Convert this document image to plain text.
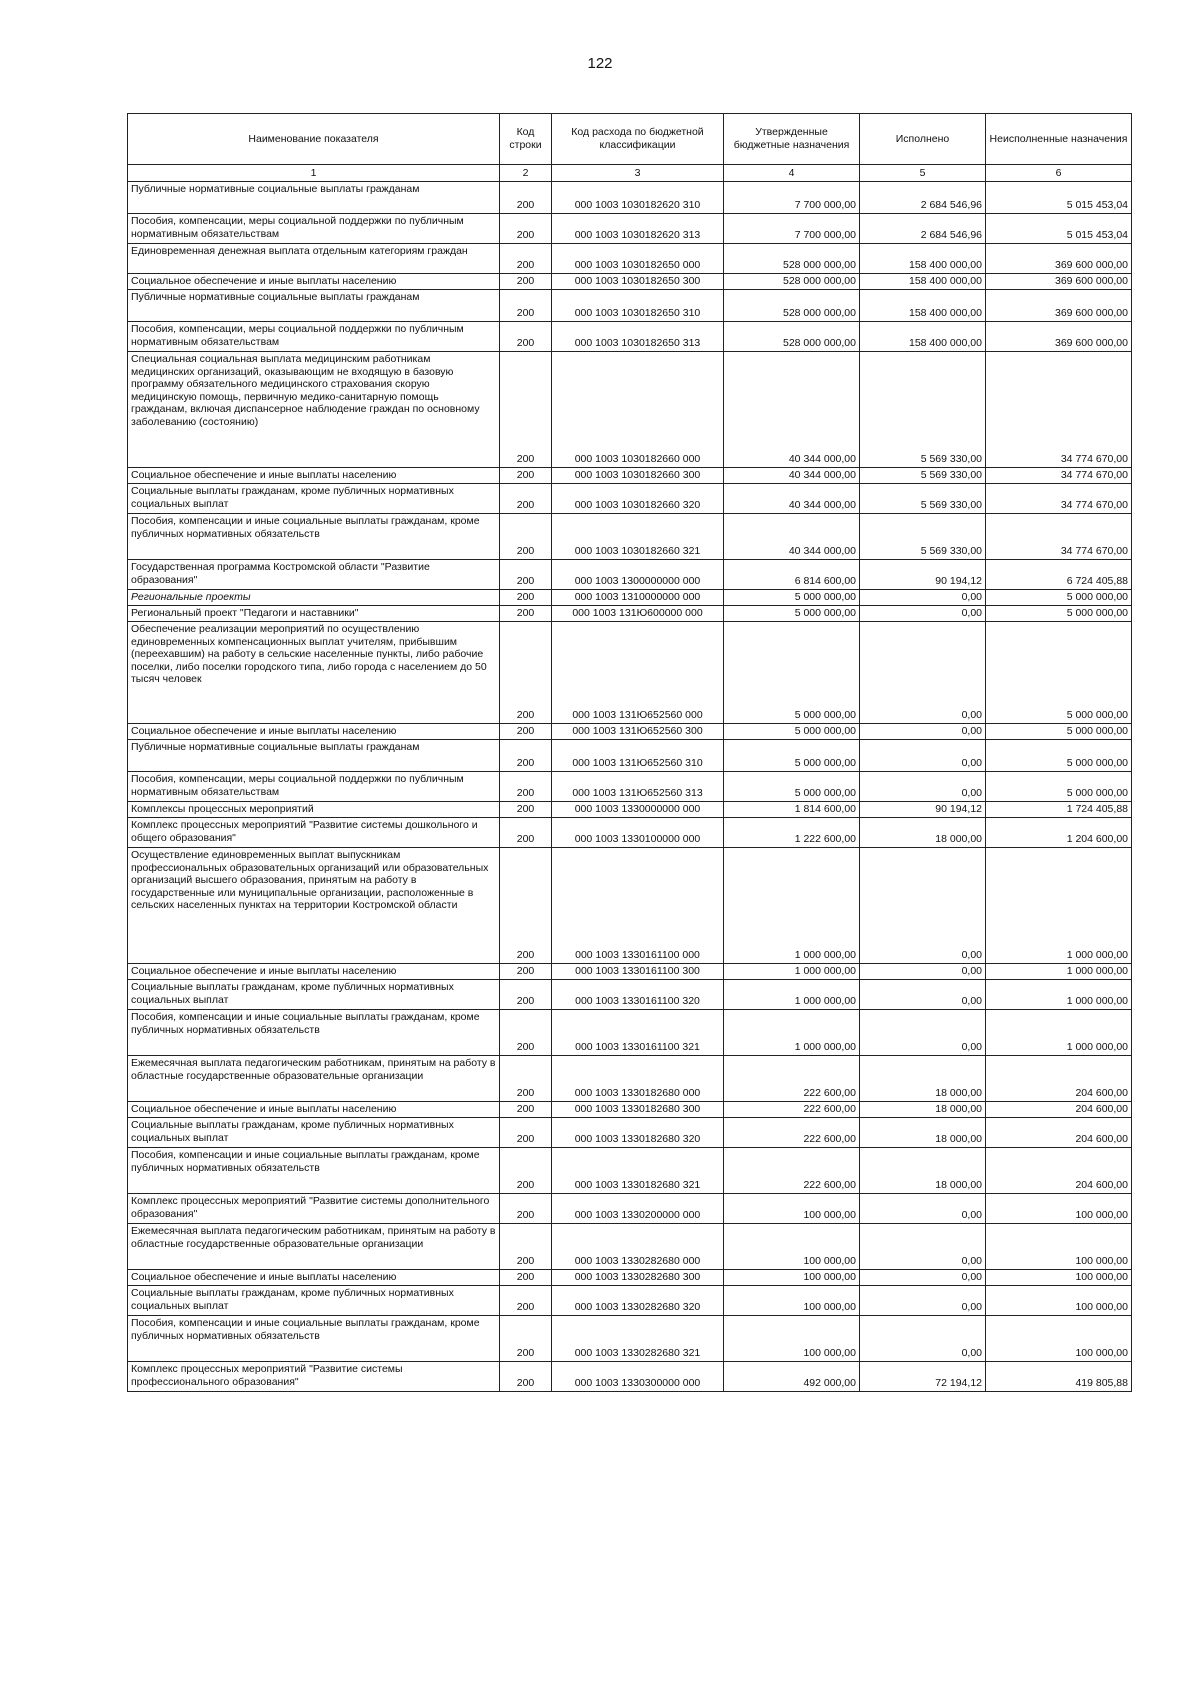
122
Наименование показателя	Код строки	Код расхода по бюджетной классификации	Утвержденные бюджетные назначения	Исполнено	Неисполненные назначения
1	2	3	4	5	6
Публичные нормативные социальные выплаты гражданам	200	000 1003 1030182620 310	7 700 000,00	2 684 546,96	5 015 453,04
Пособия, компенсации, меры социальной поддержки по публичным нормативным обязательствам	200	000 1003 1030182620 313	7 700 000,00	2 684 546,96	5 015 453,04
Единовременная денежная выплата отдельным категориям граждан	200	000 1003 1030182650 000	528 000 000,00	158 400 000,00	369 600 000,00
Социальное обеспечение и иные выплаты населению	200	000 1003 1030182650 300	528 000 000,00	158 400 000,00	369 600 000,00
Публичные нормативные социальные выплаты гражданам	200	000 1003 1030182650 310	528 000 000,00	158 400 000,00	369 600 000,00
Пособия, компенсации, меры социальной поддержки по публичным нормативным обязательствам	200	000 1003 1030182650 313	528 000 000,00	158 400 000,00	369 600 000,00
Специальная социальная выплата медицинским работникам медицинских организаций, оказывающим не входящую в базовую программу обязательного медицинского страхования скорую медицинскую помощь, первичную медико-санитарную помощь гражданам, включая диспансерное наблюдение граждан по основному заболеванию (состоянию)	200	000 1003 1030182660 000	40 344 000,00	5 569 330,00	34 774 670,00
Социальное обеспечение и иные выплаты населению	200	000 1003 1030182660 300	40 344 000,00	5 569 330,00	34 774 670,00
Социальные выплаты гражданам, кроме публичных нормативных социальных выплат	200	000 1003 1030182660 320	40 344 000,00	5 569 330,00	34 774 670,00
Пособия, компенсации и иные социальные выплаты гражданам, кроме публичных нормативных обязательств	200	000 1003 1030182660 321	40 344 000,00	5 569 330,00	34 774 670,00
Государственная программа Костромской области "Развитие образования"	200	000 1003 1300000000 000	6 814 600,00	90 194,12	6 724 405,88
Региональные проекты	200	000 1003 1310000000 000	5 000 000,00	0,00	5 000 000,00
Региональный проект "Педагоги и наставники"	200	000 1003 131Ю600000 000	5 000 000,00	0,00	5 000 000,00
Обеспечение реализации мероприятий по осуществлению единовременных компенсационных выплат учителям, прибывшим (переехавшим) на работу в сельские населенные пункты, либо рабочие поселки, либо поселки городского типа, либо города с населением до 50 тысяч человек	200	000 1003 131Ю652560 000	5 000 000,00	0,00	5 000 000,00
Социальное обеспечение и иные выплаты населению	200	000 1003 131Ю652560 300	5 000 000,00	0,00	5 000 000,00
Публичные нормативные социальные выплаты гражданам	200	000 1003 131Ю652560 310	5 000 000,00	0,00	5 000 000,00
Пособия, компенсации, меры социальной поддержки по публичным нормативным обязательствам	200	000 1003 131Ю652560 313	5 000 000,00	0,00	5 000 000,00
Комплексы процессных мероприятий	200	000 1003 1330000000 000	1 814 600,00	90 194,12	1 724 405,88
Комплекс процессных мероприятий "Развитие системы дошкольного и общего образования"	200	000 1003 1330100000 000	1 222 600,00	18 000,00	1 204 600,00
Осуществление единовременных выплат выпускникам профессиональных образовательных организаций или образовательных организаций высшего образования, принятым на работу в государственные или муниципальные организации, расположенные в сельских населенных пунктах на территории Костромской области	200	000 1003 1330161100 000	1 000 000,00	0,00	1 000 000,00
Социальное обеспечение и иные выплаты населению	200	000 1003 1330161100 300	1 000 000,00	0,00	1 000 000,00
Социальные выплаты гражданам, кроме публичных нормативных социальных выплат	200	000 1003 1330161100 320	1 000 000,00	0,00	1 000 000,00
Пособия, компенсации и иные социальные выплаты гражданам, кроме публичных нормативных обязательств	200	000 1003 1330161100 321	1 000 000,00	0,00	1 000 000,00
Ежемесячная выплата педагогическим работникам, принятым на работу в областные государственные образовательные организации	200	000 1003 1330182680 000	222 600,00	18 000,00	204 600,00
Социальное обеспечение и иные выплаты населению	200	000 1003 1330182680 300	222 600,00	18 000,00	204 600,00
Социальные выплаты гражданам, кроме публичных нормативных социальных выплат	200	000 1003 1330182680 320	222 600,00	18 000,00	204 600,00
Пособия, компенсации и иные социальные выплаты гражданам, кроме публичных нормативных обязательств	200	000 1003 1330182680 321	222 600,00	18 000,00	204 600,00
Комплекс процессных мероприятий "Развитие системы дополнительного образования"	200	000 1003 1330200000 000	100 000,00	0,00	100 000,00
Ежемесячная выплата педагогическим работникам, принятым на работу в областные государственные образовательные организации	200	000 1003 1330282680 000	100 000,00	0,00	100 000,00
Социальное обеспечение и иные выплаты населению	200	000 1003 1330282680 300	100 000,00	0,00	100 000,00
Социальные выплаты гражданам, кроме публичных нормативных социальных выплат	200	000 1003 1330282680 320	100 000,00	0,00	100 000,00
Пособия, компенсации и иные социальные выплаты гражданам, кроме публичных нормативных обязательств	200	000 1003 1330282680 321	100 000,00	0,00	100 000,00
Комплекс процессных мероприятий "Развитие системы профессионального образования"	200	000 1003 1330300000 000	492 000,00	72 194,12	419 805,88
